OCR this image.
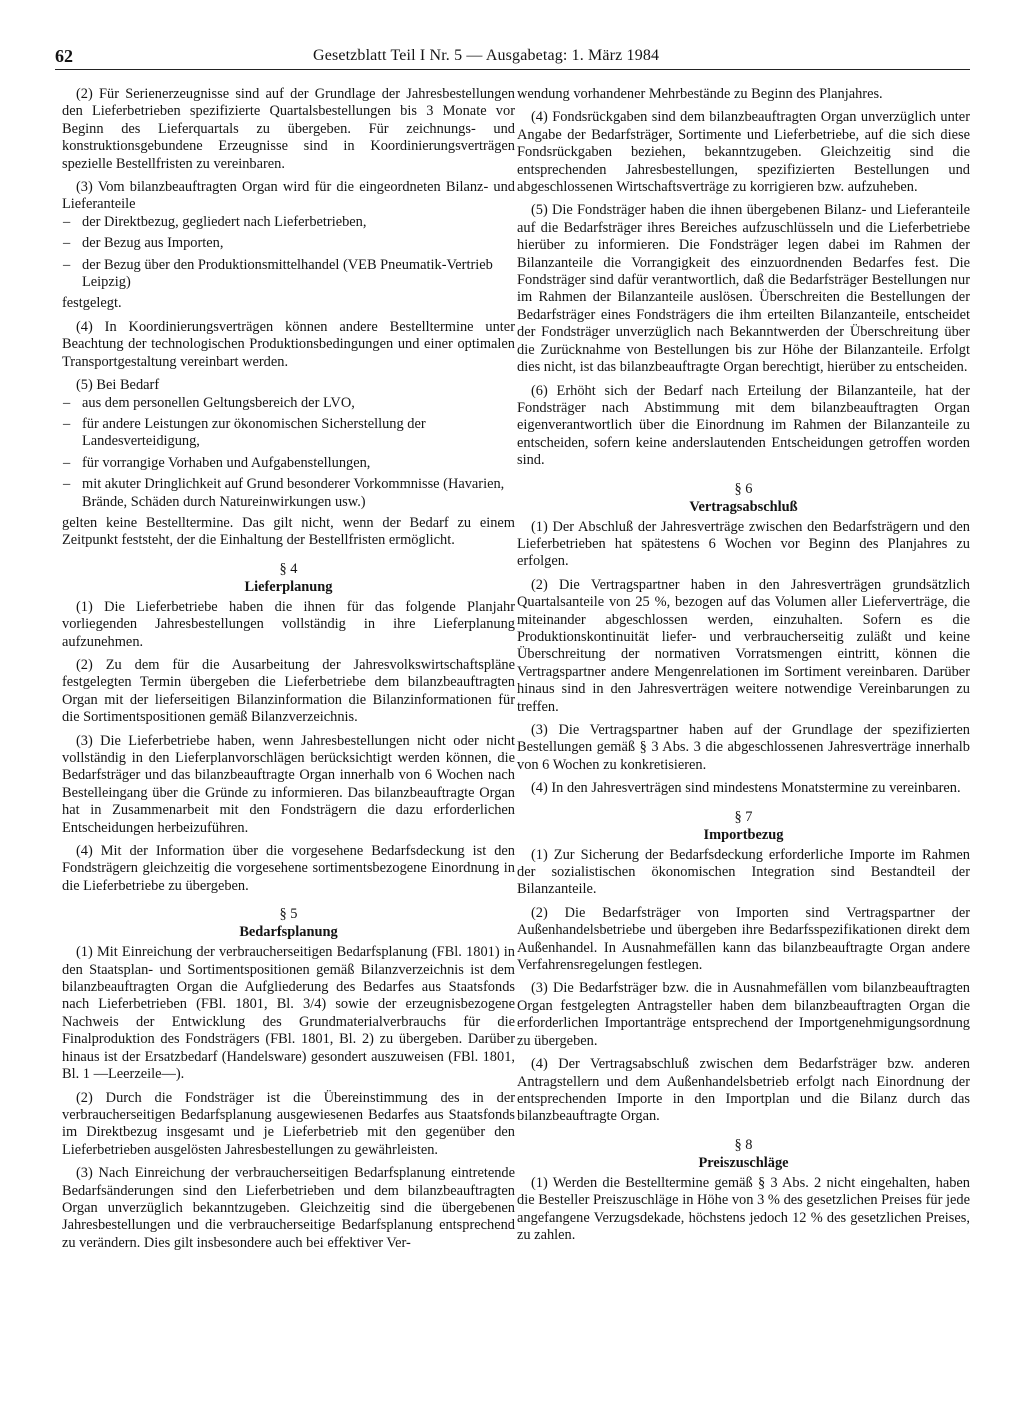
62	Gesetzblatt Teil I Nr. 5 — Ausgabetag: 1. März 1984

(2) Für Serienerzeugnisse sind auf der Grundlage der Jahresbestellungen den Lieferbetrieben spezifizierte Quartalsbestellungen bis 3 Monate vor Beginn des Lieferquartals zu übergeben. Für zeichnungs- und konstruktionsgebundene Erzeugnisse sind in Koordinierungsverträgen spezielle Bestellfristen zu vereinbaren.

(3) Vom bilanzbeauftragten Organ wird für die eingeordneten Bilanz- und Lieferanteile

– der Direktbezug, gegliedert nach Lieferbetrieben,
– der Bezug aus Importen,
– der Bezug über den Produktionsmittelhandel (VEB Pneumatik-Vertrieb Leipzig)

festgelegt.

(4) In Koordinierungsverträgen können andere Bestelltermine unter Beachtung der technologischen Produktionsbedingungen und einer optimalen Transportgestaltung vereinbart werden.

(5) Bei Bedarf

– aus dem personellen Geltungsbereich der LVO,
– für andere Leistungen zur ökonomischen Sicherstellung der Landesverteidigung,
– für vorrangige Vorhaben und Aufgabenstellungen,
– mit akuter Dringlichkeit auf Grund besonderer Vorkommnisse (Havarien, Brände, Schäden durch Natureinwirkungen usw.)

gelten keine Bestelltermine. Das gilt nicht, wenn der Bedarf zu einem Zeitpunkt feststeht, der die Einhaltung der Bestellfristen ermöglicht.

§ 4
Lieferplanung

(1) Die Lieferbetriebe haben die ihnen für das folgende Planjahr vorliegenden Jahresbestellungen vollständig in ihre Lieferplanung aufzunehmen.

(2) Zu dem für die Ausarbeitung der Jahresvolkswirtschaftspläne festgelegten Termin übergeben die Lieferbetriebe dem bilanzbeauftragten Organ mit der lieferseitigen Bilanzinformation die Bilanzinformationen für die Sortimentspositionen gemäß Bilanzverzeichnis.

(3) Die Lieferbetriebe haben, wenn Jahresbestellungen nicht oder nicht vollständig in den Lieferplanvorschlägen berücksichtigt werden können, die Bedarfsträger und das bilanzbeauftragte Organ innerhalb von 6 Wochen nach Bestelleingang über die Gründe zu informieren. Das bilanzbeauftragte Organ hat in Zusammenarbeit mit den Fondsträgern die dazu erforderlichen Entscheidungen herbeizuführen.

(4) Mit der Information über die vorgesehene Bedarfsdeckung ist den Fondsträgern gleichzeitig die vorgesehene sortimentsbezogene Einordnung in die Lieferbetriebe zu übergeben.

§ 5
Bedarfsplanung

(1) Mit Einreichung der verbraucherseitigen Bedarfsplanung (FBl. 1801) in den Staatsplan- und Sortimentspositionen gemäß Bilanzverzeichnis ist dem bilanzbeauftragten Organ die Aufgliederung des Bedarfes aus Staatsfonds nach Lieferbetrieben (FBl. 1801, Bl. 3/4) sowie der erzeugnisbezogene Nachweis der Entwicklung des Grundmaterialverbrauchs für die Finalproduktion des Fondsträgers (FBl. 1801, Bl. 2) zu übergeben. Darüber hinaus ist der Ersatzbedarf (Handelsware) gesondert auszuweisen (FBl. 1801, Bl. 1 —Leerzeile—).

(2) Durch die Fondsträger ist die Übereinstimmung des in der verbraucherseitigen Bedarfsplanung ausgewiesenen Bedarfes aus Staatsfonds im Direktbezug insgesamt und je Lieferbetrieb mit den gegenüber den Lieferbetrieben ausgelösten Jahresbestellungen zu gewährleisten.

(3) Nach Einreichung der verbraucherseitigen Bedarfsplanung eintretende Bedarfsänderungen sind den Lieferbetrieben und dem bilanzbeauftragten Organ unverzüglich bekanntzugeben. Gleichzeitig sind die übergebenen Jahresbestellungen und die verbraucherseitige Bedarfsplanung entsprechend zu verändern. Dies gilt insbesondere auch bei effektiver Ver-

wendung vorhandener Mehrbestände zu Beginn des Planjahres.

(4) Fondsrückgaben sind dem bilanzbeauftragten Organ unverzüglich unter Angabe der Bedarfsträger, Sortimente und Lieferbetriebe, auf die sich diese Fondsrückgaben beziehen, bekanntzugeben. Gleichzeitig sind die entsprechenden Jahresbestellungen, spezifizierten Bestellungen und abgeschlossenen Wirtschaftsverträge zu korrigieren bzw. aufzuheben.

(5) Die Fondsträger haben die ihnen übergebenen Bilanz- und Lieferanteile auf die Bedarfsträger ihres Bereiches aufzuschlüsseln und die Lieferbetriebe hierüber zu informieren. Die Fondsträger legen dabei im Rahmen der Bilanzanteile die Vorrangigkeit des einzuordnenden Bedarfes fest. Die Fondsträger sind dafür verantwortlich, daß die Bedarfsträger Bestellungen nur im Rahmen der Bilanzanteile auslösen. Überschreiten die Bestellungen der Bedarfsträger eines Fondsträgers die ihm erteilten Bilanzanteile, entscheidet der Fondsträger unverzüglich nach Bekanntwerden der Überschreitung über die Zurücknahme von Bestellungen bis zur Höhe der Bilanzanteile. Erfolgt dies nicht, ist das bilanzbeauftragte Organ berechtigt, hierüber zu entscheiden.

(6) Erhöht sich der Bedarf nach Erteilung der Bilanzanteile, hat der Fondsträger nach Abstimmung mit dem bilanzbeauftragten Organ eigenverantwortlich über die Einordnung im Rahmen der Bilanzanteile zu entscheiden, sofern keine anderslautenden Entscheidungen getroffen worden sind.

§ 6
Vertragsabschluß

(1) Der Abschluß der Jahresverträge zwischen den Bedarfsträgern und den Lieferbetrieben hat spätestens 6 Wochen vor Beginn des Planjahres zu erfolgen.

(2) Die Vertragspartner haben in den Jahresverträgen grundsätzlich Quartalsanteile von 25 %, bezogen auf das Volumen aller Lieferverträge, die miteinander abgeschlossen werden, einzuhalten. Sofern es die Produktionskontinuität liefer- und verbraucherseitig zuläßt und keine Überschreitung der normativen Vorratsmengen eintritt, können die Vertragspartner andere Mengenrelationen im Sortiment vereinbaren. Darüber hinaus sind in den Jahresverträgen weitere notwendige Vereinbarungen zu treffen.

(3) Die Vertragspartner haben auf der Grundlage der spezifizierten Bestellungen gemäß § 3 Abs. 3 die abgeschlossenen Jahresverträge innerhalb von 6 Wochen zu konkretisieren.

(4) In den Jahresverträgen sind mindestens Monatstermine zu vereinbaren.

§ 7
Importbezug

(1) Zur Sicherung der Bedarfsdeckung erforderliche Importe im Rahmen der sozialistischen ökonomischen Integration sind Bestandteil der Bilanzanteile.

(2) Die Bedarfsträger von Importen sind Vertragspartner der Außenhandelsbetriebe und übergeben ihre Bedarfsspezifikationen direkt dem Außenhandel. In Ausnahmefällen kann das bilanzbeauftragte Organ andere Verfahrensregelungen festlegen.

(3) Die Bedarfsträger bzw. die in Ausnahmefällen vom bilanzbeauftragten Organ festgelegten Antragsteller haben dem bilanzbeauftragten Organ die erforderlichen Importanträge entsprechend der Importgenehmigungsordnung zu übergeben.

(4) Der Vertragsabschluß zwischen dem Bedarfsträger bzw. anderen Antragstellern und dem Außenhandelsbetrieb erfolgt nach Einordnung der entsprechenden Importe in den Importplan und die Bilanz durch das bilanzbeauftragte Organ.

§ 8
Preiszuschläge

(1) Werden die Bestelltermine gemäß § 3 Abs. 2 nicht eingehalten, haben die Besteller Preiszuschläge in Höhe von 3 % des gesetzlichen Preises für jede angefangene Verzugsdekade, höchstens jedoch 12 % des gesetzlichen Preises, zu zahlen.
